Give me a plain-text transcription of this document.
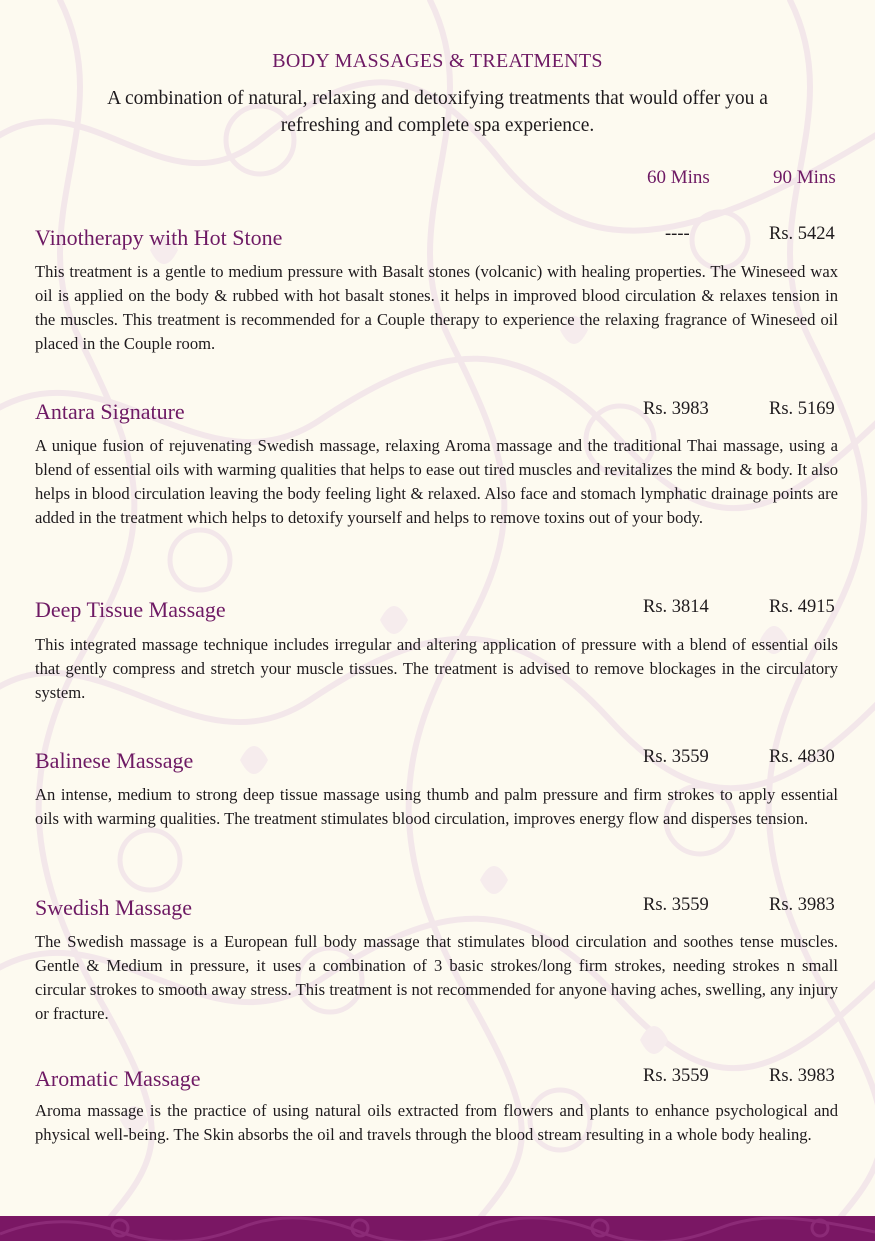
BODY MASSAGES & TREATMENTS
A combination of natural, relaxing and detoxifying treatments that would offer you a refreshing and complete spa experience.
60 Mins	90 Mins
Vinotherapy with Hot Stone	----	Rs. 5424
This treatment is a gentle to medium pressure with Basalt stones (volcanic) with healing properties. The Wineseed wax oil is applied on the body & rubbed with hot basalt stones. it helps in improved blood circulation & relaxes tension in the muscles. This treatment is recommended for a Couple therapy to experience the relaxing fragrance of Wineseed oil placed in the Couple room.
Antara Signature	Rs. 3983	Rs. 5169
A unique fusion of rejuvenating Swedish massage, relaxing Aroma massage and the traditional Thai massage, using a blend of essential oils with warming qualities that helps to ease out tired muscles and revitalizes the mind & body. It also helps in blood circulation leaving the body feeling light & relaxed. Also face and stomach lymphatic drainage points are added in the treatment which helps to detoxify yourself and helps to remove toxins out of your body.
Deep Tissue Massage	Rs. 3814	Rs. 4915
This integrated massage technique includes irregular and altering application of pressure with a blend of essential oils that gently compress and stretch your muscle tissues. The treatment is advised to remove blockages in the circulatory system.
Balinese Massage	Rs. 3559	Rs. 4830
An intense, medium to strong deep tissue massage using thumb and palm pressure and firm strokes to apply essential oils with warming qualities. The treatment stimulates blood circulation, improves energy flow and disperses tension.
Swedish Massage	Rs. 3559	Rs. 3983
The Swedish massage is a European full body massage that stimulates blood circulation and soothes tense muscles. Gentle & Medium in pressure, it uses a combination of 3 basic strokes/long firm strokes, needing strokes n small circular strokes to smooth away stress. This treatment is not recommended for anyone having aches, swelling, any injury or fracture.
Aromatic Massage	Rs. 3559	Rs. 3983
Aroma massage is the practice of using natural oils extracted from flowers and plants to enhance psychological and physical well-being. The Skin absorbs the oil and travels through the blood stream resulting in a whole body healing.
